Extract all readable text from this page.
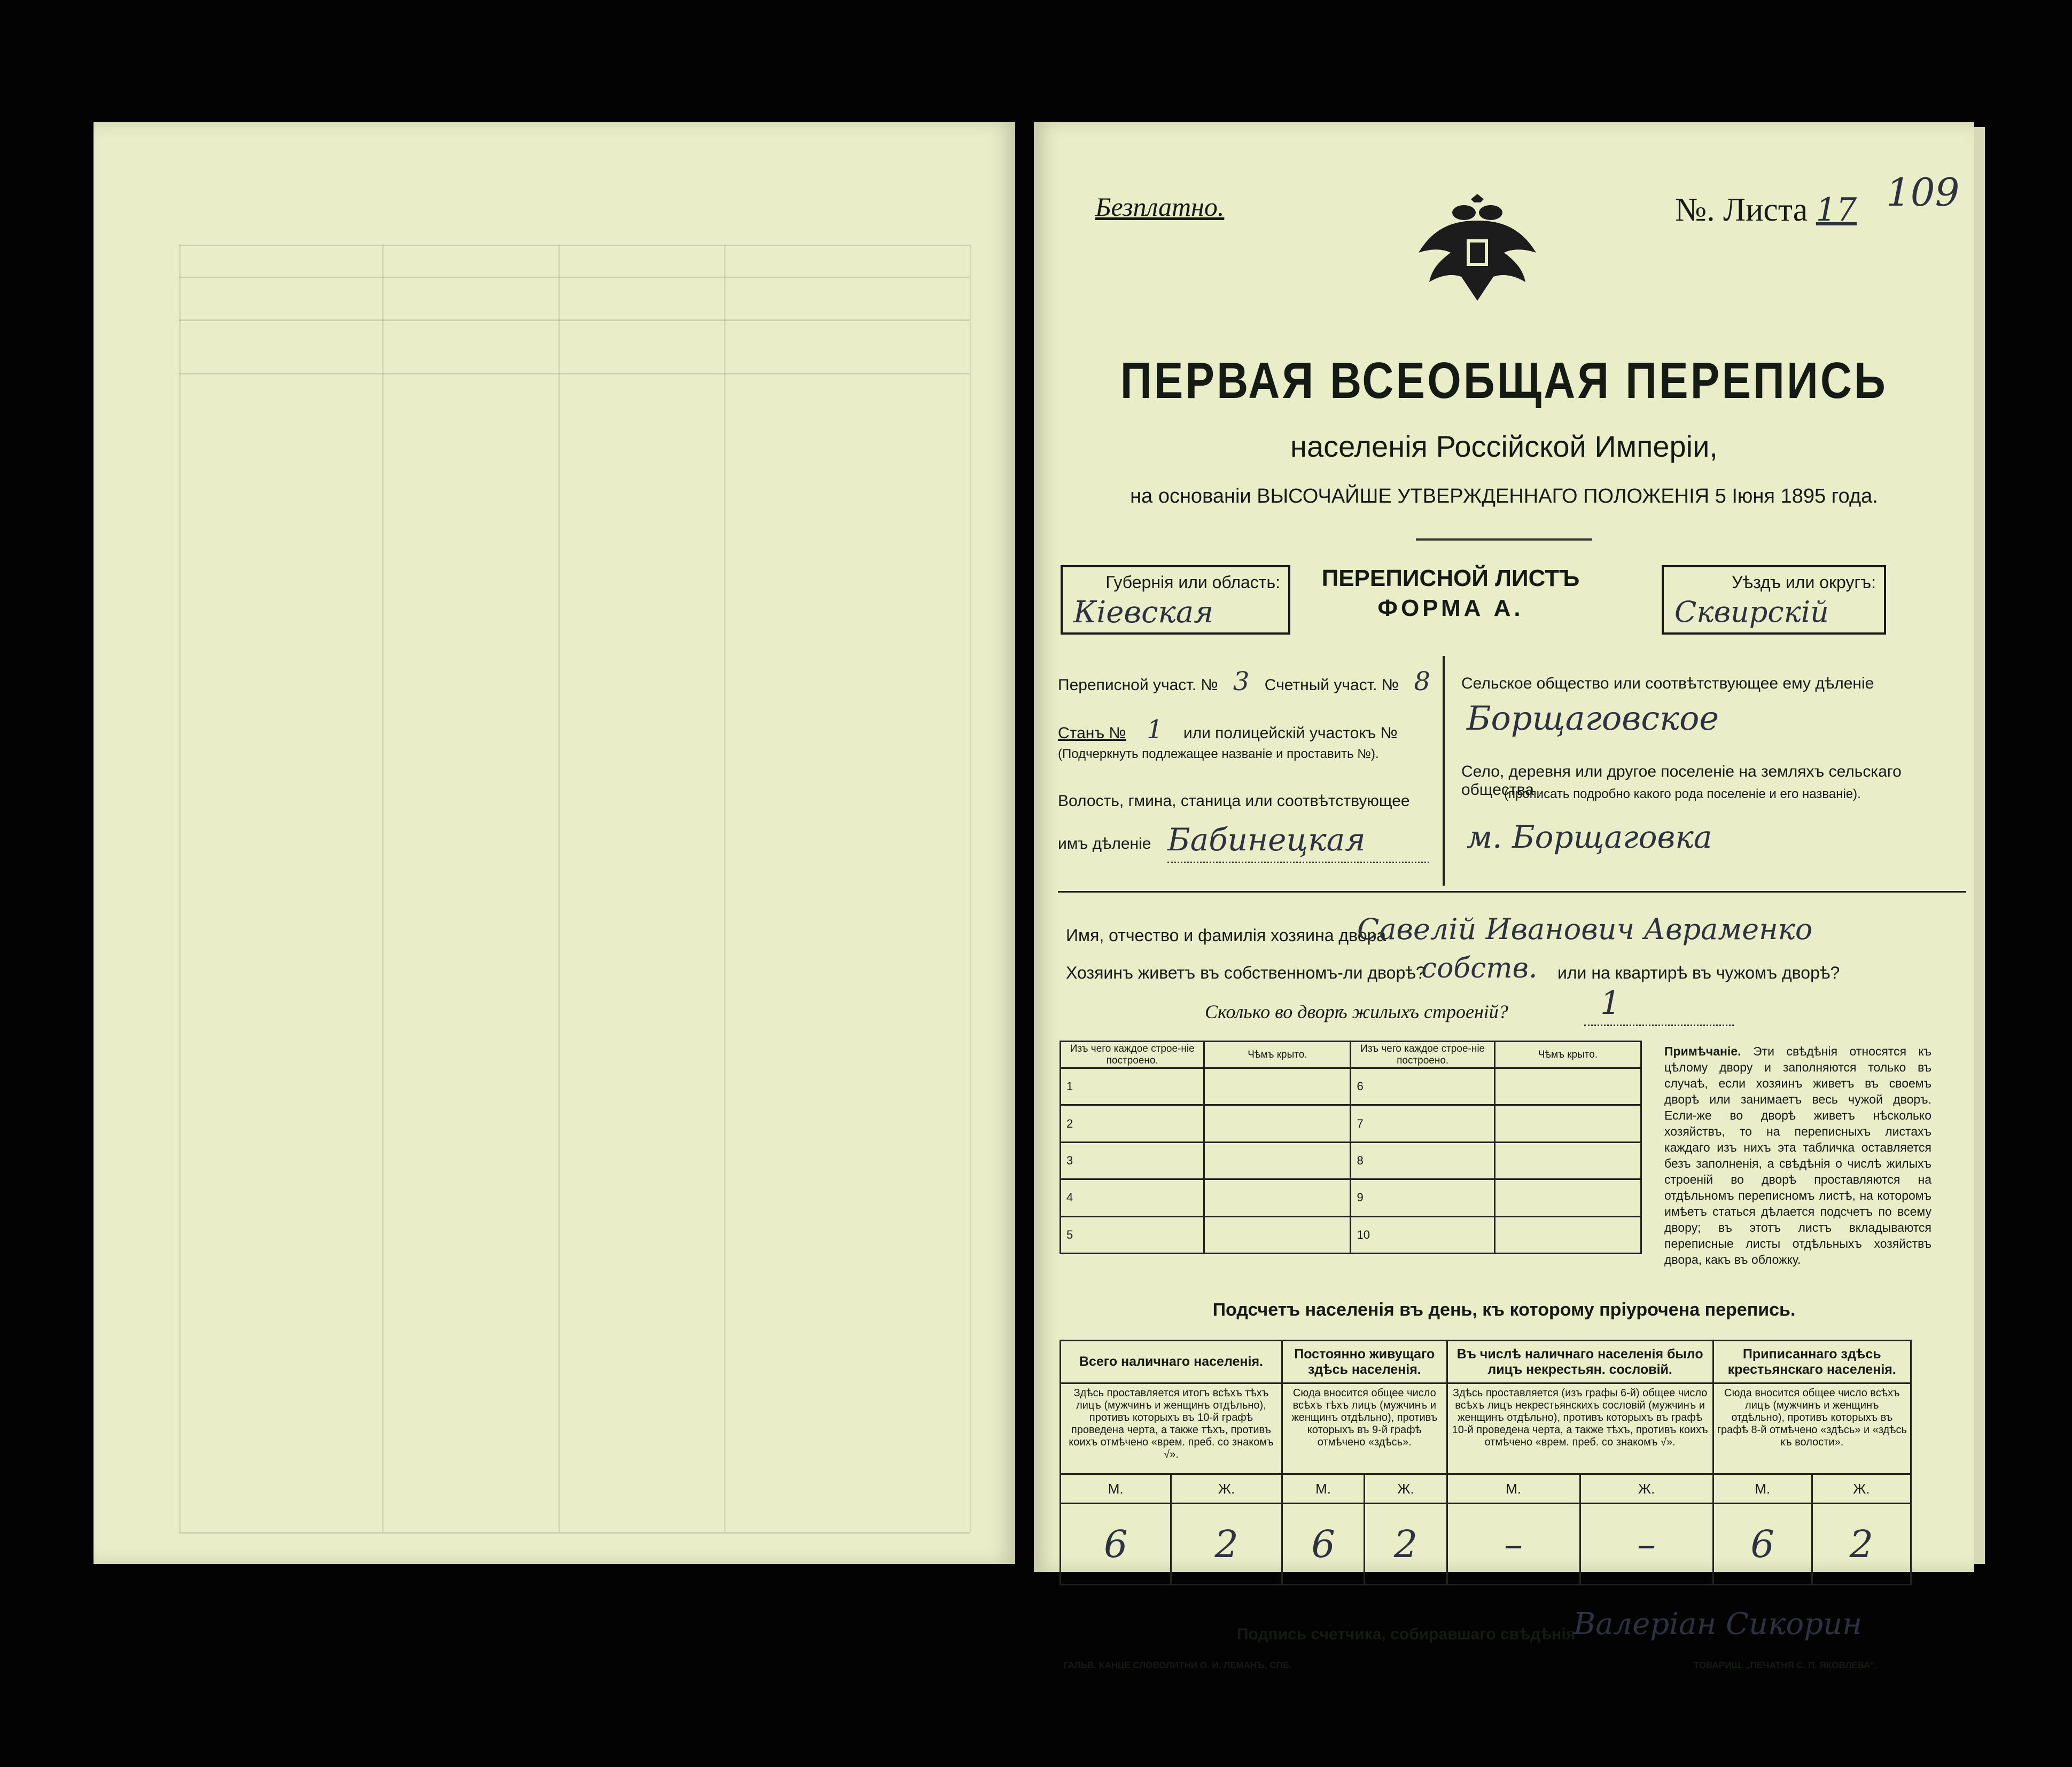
Безплатно.	№. Листа 17 109
ПЕРВАЯ ВСЕОБЩАЯ ПЕРЕПИСЬ
населенія Россійской Имперіи,
на основаніи ВЫСОЧАЙШЕ УТВЕРЖДЕННАГО ПОЛОЖЕНІЯ 5 Іюня 1895 года.
Губернія или область:
Кіевская
ПЕРЕПИСНОЙ ЛИСТЪ
ФОРМА А.
Уѣздъ или округъ:
Сквирскій
Переписной участ. № 3 Счетный участ. № 8
Станъ № 1 или полицейскій участокъ №
(Подчеркнуть подлежащее названіе и проставить №).
Волость, гмина, станица или соотвѣтствующее
имъ дѣленіе Бабинецкая
Сельское общество или соотвѣтствующее ему дѣленіе
Борщаговское
Село, деревня или другое поселеніе на земляхъ сельскаго общества
(прописать подробно какого рода поселеніе и его названіе).
м. Борщаговка
Имя, отчество и фамилія хозяина двора
Савелій Иванович Авраменко
Хозяинъ живетъ въ собственномъ-ли дворѣ?
собств. или на квартирѣ въ чужомъ дворѣ?
Сколько во дворѣ жилыхъ строеній?	1
Изъ чего каждое строе-ніе построено.	Чѣмъ крыто.	Изъ чего каждое строе-ніе построено.	Чѣмъ крыто.
1		6	
2		7	
3		8	
4		9	
5		10	
Примѣчаніе. Эти свѣдѣнія относятся къ цѣлому двору и заполняются только въ случаѣ, если хозяинъ живетъ въ своемъ дворѣ или занимаетъ весь чужой дворъ. Если-же во дворѣ живетъ нѣсколько хозяйствъ, то на переписныхъ листахъ каждаго изъ нихъ эта табличка оставляется безъ заполненія, а свѣдѣнія о числѣ жилыхъ строеній во дворѣ проставляются на отдѣльномъ переписномъ листѣ, на которомъ имѣетъ статься дѣлается подсчетъ по всему двору; въ этотъ листъ вкладываются переписные листы отдѣльныхъ хозяйствъ двора, какъ въ обложку.
Подсчетъ населенія въ день, къ которому пріурочена перепись.
Всего наличнаго населенія.		Постоянно живущаго здѣсь населенія.		Въ числѣ наличнаго населенія было лицъ некрестьян. сословій.		Приписаннаго здѣсь крестьянскаго населенія.	
Здѣсь проставляется итогъ всѣхъ тѣхъ лицъ (мужчинъ и женщинъ отдѣльно), противъ которыхъ въ 10-й графѣ проведена черта, а также тѣхъ, противъ коихъ отмѣчено «врем. преб. со знакомъ √».		Сюда вносится общее число всѣхъ тѣхъ лицъ (мужчинъ и женщинъ отдѣльно), противъ которыхъ въ 9-й графѣ отмѣчено «здѣсь».		Здѣсь проставляется (изъ графы 6-й) общее число всѣхъ лицъ некрестьянскихъ сословій (мужчинъ и женщинъ отдѣльно), противъ которыхъ въ графѣ 10-й проведена черта, а также тѣхъ, противъ коихъ отмѣчено «врем. преб. со знакомъ √».		Сюда вносится общее число всѣхъ лицъ (мужчинъ и женщинъ отдѣльно), противъ которыхъ въ графѣ 8-й отмѣчено «здѣсь» и «здѣсь къ волости».	
М.	Ж.	М.	Ж.	М.	Ж.	М.	Ж.
6	2	6	2	–	–	6	2
Подпись счетчика, собиравшаго свѣдѣнія
Валеріан Сикорин
ГАЛЬВ. КАНЦЕ СЛОВОЛИТНИ О. И. ЛЕМАНЪ, СПБ.	ТОВАРИЩ. „ПЕЧАТНЯ С. П. ЯКОВЛЕВА“.
